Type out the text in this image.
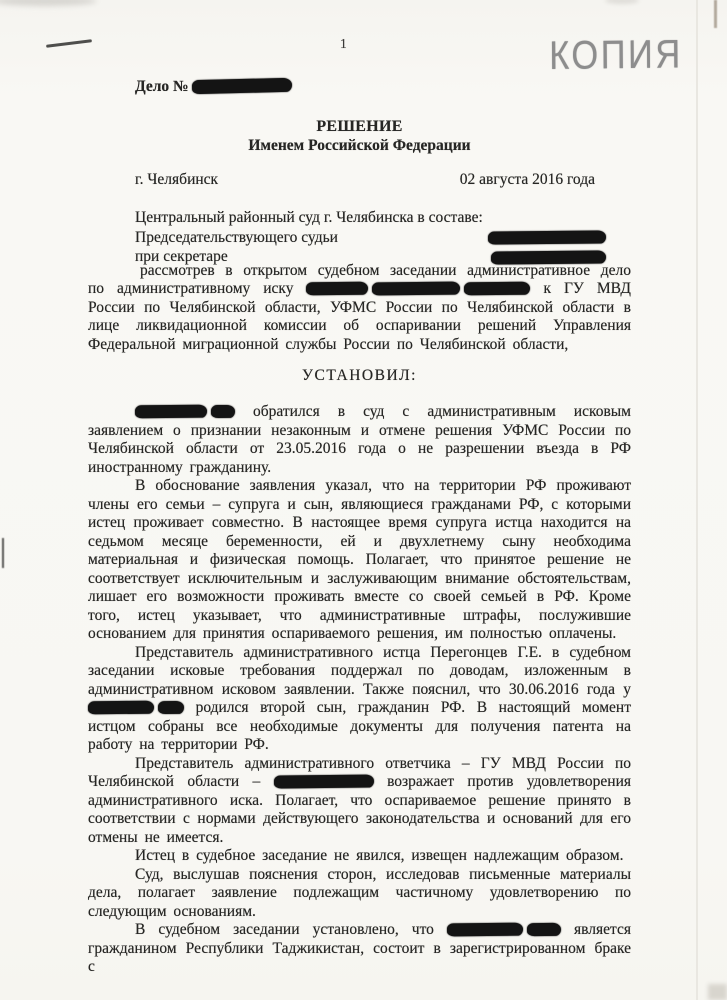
1	КОПИЯ
Дело №
РЕШЕНИЕ
Именем Российской Федерации
г. Челябинск	02 августа 2016 года
Центральный районный суд г. Челябинска в составе:
Председательствующего судьи
при секретаре

рассмотрев в открытом судебном заседании административное дело по административному иску	к ГУ МВД России по Челябинской области, УФМС России по Челябинской области в лице ликвидационной комиссии об оспаривании решений Управления Федеральной миграционной службы России по Челябинской области,

УСТАНОВИЛ:

обратился в суд с административным исковым заявлением о признании незаконным и отмене решения УФМС России по Челябинской области от 23.05.2016 года о не разрешении въезда в РФ иностранному гражданину.

В обоснование заявления указал, что на территории РФ проживают члены его семьи – супруга и сын, являющиеся гражданами РФ, с которыми истец проживает совместно. В настоящее время супруга истца находится на седьмом месяце беременности, ей и двухлетнему сыну необходима материальная и физическая помощь. Полагает, что принятое решение не соответствует исключительным и заслуживающим внимание обстоятельствам, лишает его возможности проживать вместе со своей семьей в РФ. Кроме того, истец указывает, что административные штрафы, послужившие основанием для принятия оспариваемого решения, им полностью оплачены.

Представитель административного истца Перегонцев Г.Е. в судебном заседании исковые требования поддержал по доводам, изложенным в административном исковом заявлении. Также пояснил, что 30.06.2016 года у  родился второй сын, гражданин РФ. В настоящий момент истцом собраны все необходимые документы для получения патента на работу на территории РФ.

Представитель административного ответчика – ГУ МВД России по Челябинской области –	возражает против удовлетворения административного иска. Полагает, что оспариваемое решение принято в соответствии с нормами действующего законодательства и оснований для его отмены не имеется.

Истец в судебное заседание не явился, извещен надлежащим образом.

Суд, выслушав пояснения сторон, исследовав письменные материалы дела, полагает заявление подлежащим частичному удовлетворению по следующим основаниям.

В судебном заседании установлено, что	является гражданином Республики Таджикистан, состоит в зарегистрированном браке с
